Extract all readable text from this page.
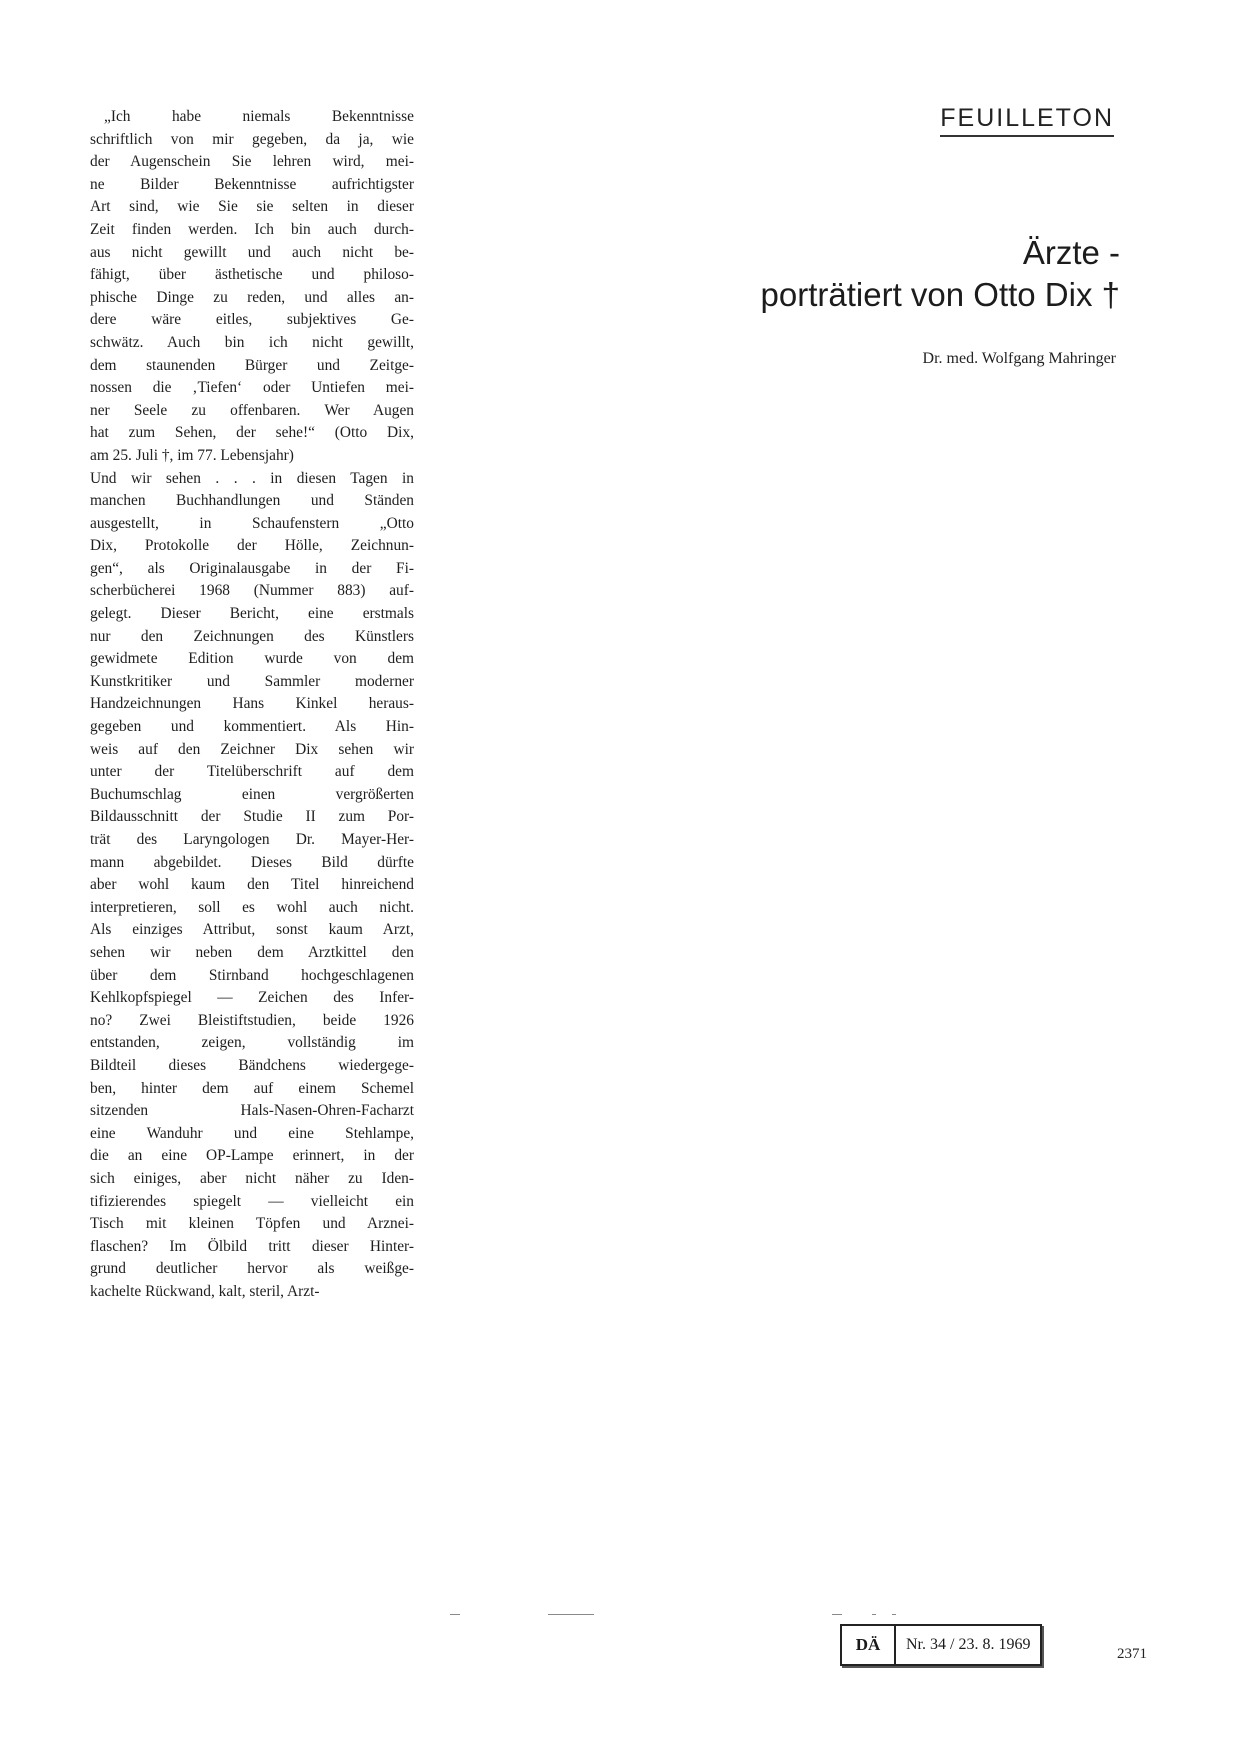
FEUILLETON
Ärzte -
porträtiert von Otto Dix †
Dr. med. Wolfgang Mahringer
„Ich habe niemals Bekenntnisse
schriftlich von mir gegeben, da ja, wie
der Augenschein Sie lehren wird, mei-
ne Bilder Bekenntnisse aufrichtigster
Art sind, wie Sie sie selten in dieser
Zeit finden werden. Ich bin auch durch-
aus nicht gewillt und auch nicht be-
fähigt, über ästhetische und philoso-
phische Dinge zu reden, und alles an-
dere wäre eitles, subjektives Ge-
schwätz. Auch bin ich nicht gewillt,
dem staunenden Bürger und Zeitge-
nossen die ‚Tiefen‘ oder Untiefen mei-
ner Seele zu offenbaren. Wer Augen
hat zum Sehen, der sehe!“ (Otto Dix,
am 25. Juli †, im 77. Lebensjahr)
Und wir sehen . . . in diesen Tagen in
manchen Buchhandlungen und Ständen
ausgestellt, in Schaufenstern „Otto
Dix, Protokolle der Hölle, Zeichnun-
gen“, als Originalausgabe in der Fi-
scherbücherei 1968 (Nummer 883) auf-
gelegt. Dieser Bericht, eine erstmals
nur den Zeichnungen des Künstlers
gewidmete Edition wurde von dem
Kunstkritiker und Sammler moderner
Handzeichnungen Hans Kinkel heraus-
gegeben und kommentiert. Als Hin-
weis auf den Zeichner Dix sehen wir
unter der Titelüberschrift auf dem
Buchumschlag einen vergrößerten
Bildausschnitt der Studie II zum Por-
trät des Laryngologen Dr. Mayer-Her-
mann abgebildet. Dieses Bild dürfte
aber wohl kaum den Titel hinreichend
interpretieren, soll es wohl auch nicht.
Als einziges Attribut, sonst kaum Arzt,
sehen wir neben dem Arztkittel den
über dem Stirnband hochgeschlagenen
Kehlkopfspiegel — Zeichen des Infer-
no? Zwei Bleistiftstudien, beide 1926
entstanden, zeigen, vollständig im
Bildteil dieses Bändchens wiedergege-
ben, hinter dem auf einem Schemel
sitzenden Hals-Nasen-Ohren-Facharzt
eine Wanduhr und eine Stehlampe,
die an eine OP-Lampe erinnert, in der
sich einiges, aber nicht näher zu Iden-
tifizierendes spiegelt — vielleicht ein
Tisch mit kleinen Töpfen und Arznei-
flaschen? Im Ölbild tritt dieser Hinter-
grund deutlicher hervor als weißge-
kachelte Rückwand, kalt, steril, Arzt-
DÄ	Nr. 34 / 23. 8. 1969
2371
